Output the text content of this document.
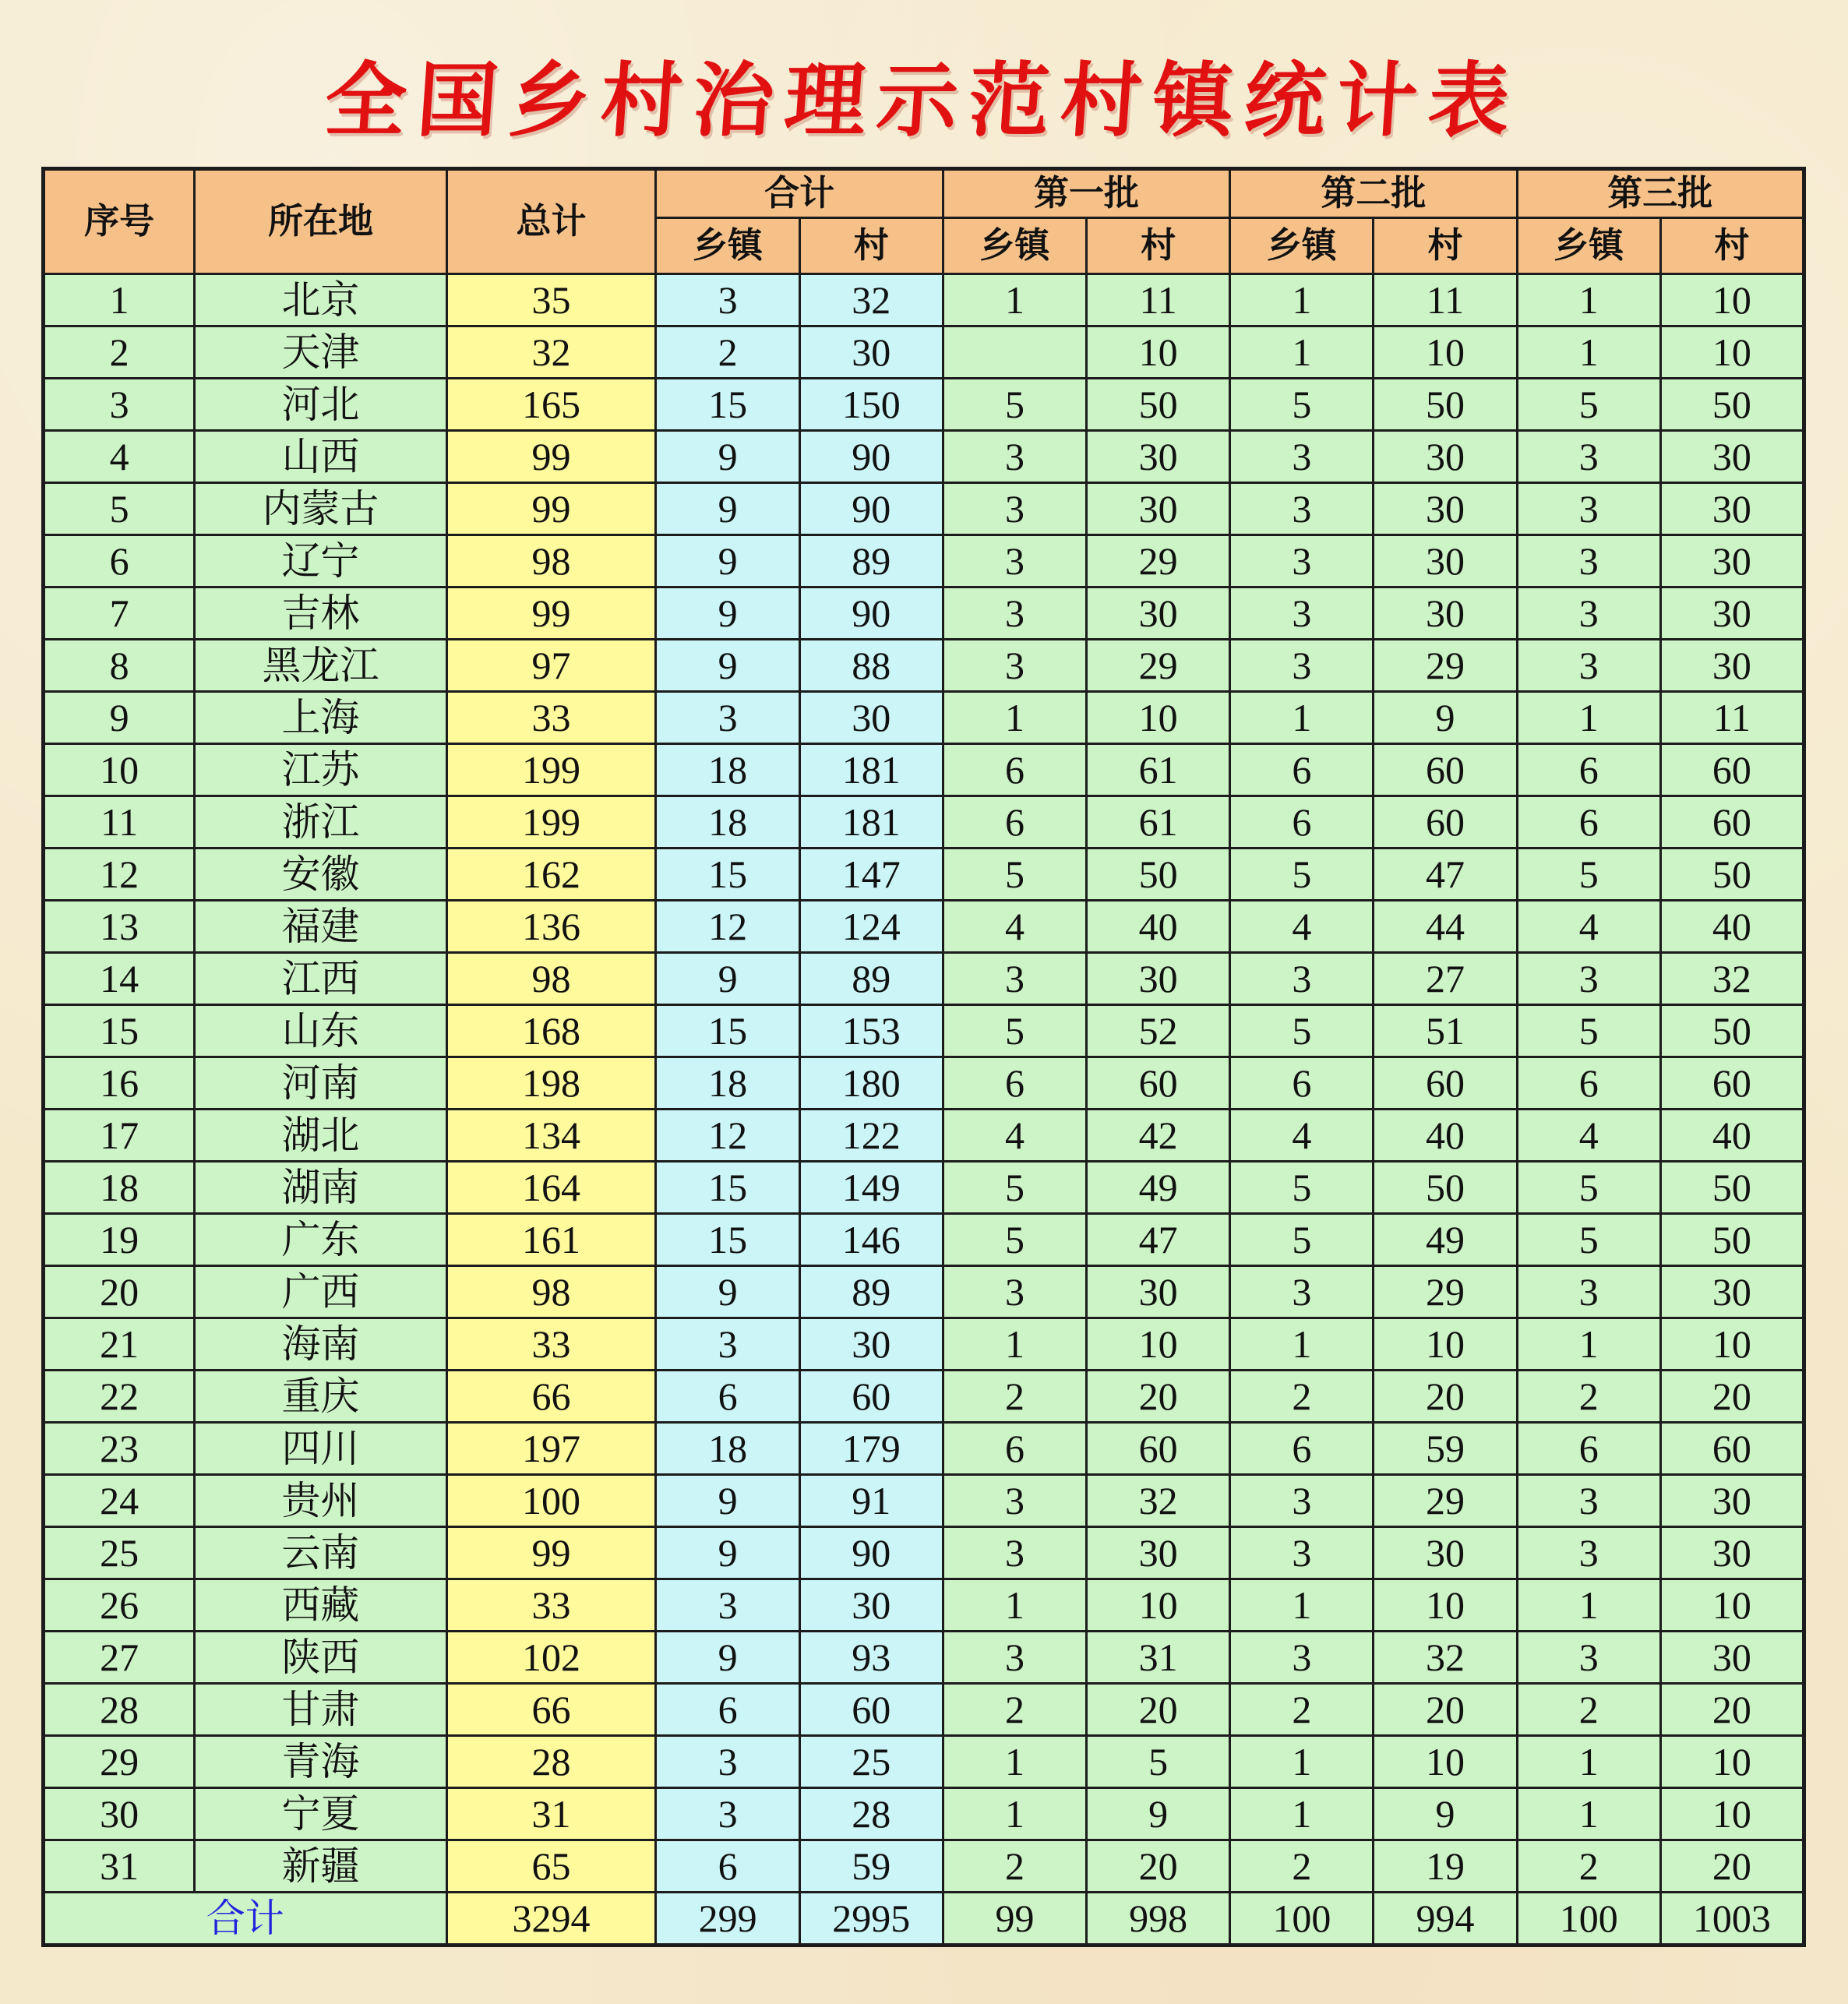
全国乡村治理示范村镇统计表
序号	所在地	总计	合计		第一批		第二批		第三批	
			乡镇	村	乡镇	村	乡镇	村	乡镇	村
1	北京	35	3	32	1	11	1	11	1	10
2	天津	32	2	30		10	1	10	1	10
3	河北	165	15	150	5	50	5	50	5	50
4	山西	99	9	90	3	30	3	30	3	30
5	内蒙古	99	9	90	3	30	3	30	3	30
6	辽宁	98	9	89	3	29	3	30	3	30
7	吉林	99	9	90	3	30	3	30	3	30
8	黑龙江	97	9	88	3	29	3	29	3	30
9	上海	33	3	30	1	10	1	9	1	11
10	江苏	199	18	181	6	61	6	60	6	60
11	浙江	199	18	181	6	61	6	60	6	60
12	安徽	162	15	147	5	50	5	47	5	50
13	福建	136	12	124	4	40	4	44	4	40
14	江西	98	9	89	3	30	3	27	3	32
15	山东	168	15	153	5	52	5	51	5	50
16	河南	198	18	180	6	60	6	60	6	60
17	湖北	134	12	122	4	42	4	40	4	40
18	湖南	164	15	149	5	49	5	50	5	50
19	广东	161	15	146	5	47	5	49	5	50
20	广西	98	9	89	3	30	3	29	3	30
21	海南	33	3	30	1	10	1	10	1	10
22	重庆	66	6	60	2	20	2	20	2	20
23	四川	197	18	179	6	60	6	59	6	60
24	贵州	100	9	91	3	32	3	29	3	30
25	云南	99	9	90	3	30	3	30	3	30
26	西藏	33	3	30	1	10	1	10	1	10
27	陕西	102	9	93	3	31	3	32	3	30
28	甘肃	66	6	60	2	20	2	20	2	20
29	青海	28	3	25	1	5	1	10	1	10
30	宁夏	31	3	28	1	9	1	9	1	10
31	新疆	65	6	59	2	20	2	19	2	20
合计		3294	299	2995	99	998	100	994	100	1003
